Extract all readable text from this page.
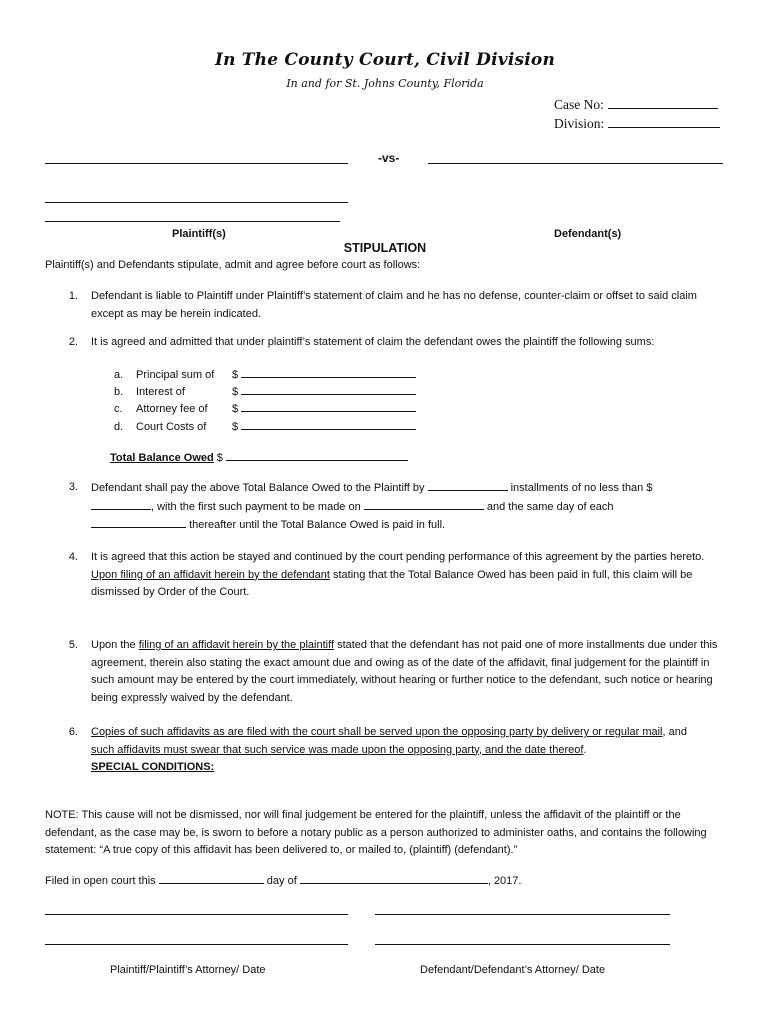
In The County Court, Civil Division
In and for St. Johns County, Florida
Case No:
Division:
-vs-
Plaintiff(s)	Defendant(s)
STIPULATION
Plaintiff(s) and Defendants stipulate, admit and agree before court as follows:
1. Defendant is liable to Plaintiff under Plaintiff’s statement of claim and he has no defense, counter-claim or offset to said claim except as may be herein indicated.
2. It is agreed and admitted that under plaintiff’s statement of claim the defendant owes the plaintiff the following sums:
a. Principal sum of $
b. Interest of	$
c. Attorney fee of $
d. Court Costs of $
Total Balance Owed $
3. Defendant shall pay the above Total Balance Owed to the Plaintiff by	installments of no less than $
, with the first such payment to be made on	and the same day of each
thereafter until the Total Balance Owed is paid in full.
4. It is agreed that this action be stayed and continued by the court pending performance of this agreement by the parties hereto. Upon filing of an affidavit herein by the defendant stating that the Total Balance Owed has been paid in full, this claim will be dismissed by Order of the Court.
5. Upon the filing of an affidavit herein by the plaintiff stated that the defendant has not paid one of more installments due under this agreement, therein also stating the exact amount due and owing as of the date of the affidavit, final judgement for the plaintiff in such amount may be entered by the court immediately, without hearing or further notice to the defendant, such notice or hearing being expressly waived by the defendant.
6. Copies of such affidavits as are filed with the court shall be served upon the opposing party by delivery or regular mail, and such affidavits must swear that such service was made upon the opposing party, and the date thereof.
SPECIAL CONDITIONS:
NOTE: This cause will not be dismissed, nor will final judgement be entered for the plaintiff, unless the affidavit of the plaintiff or the defendant, as the case may be, is sworn to before a notary public as a person authorized to administer oaths, and contains the following statement: “A true copy of this affidavit has been delivered to, or mailed to, (plaintiff) (defendant).”
Filed in open court this	day of	, 2017.
Plaintiff/Plaintiff’s Attorney/ Date	Defendant/Defendant’s Attorney/ Date
